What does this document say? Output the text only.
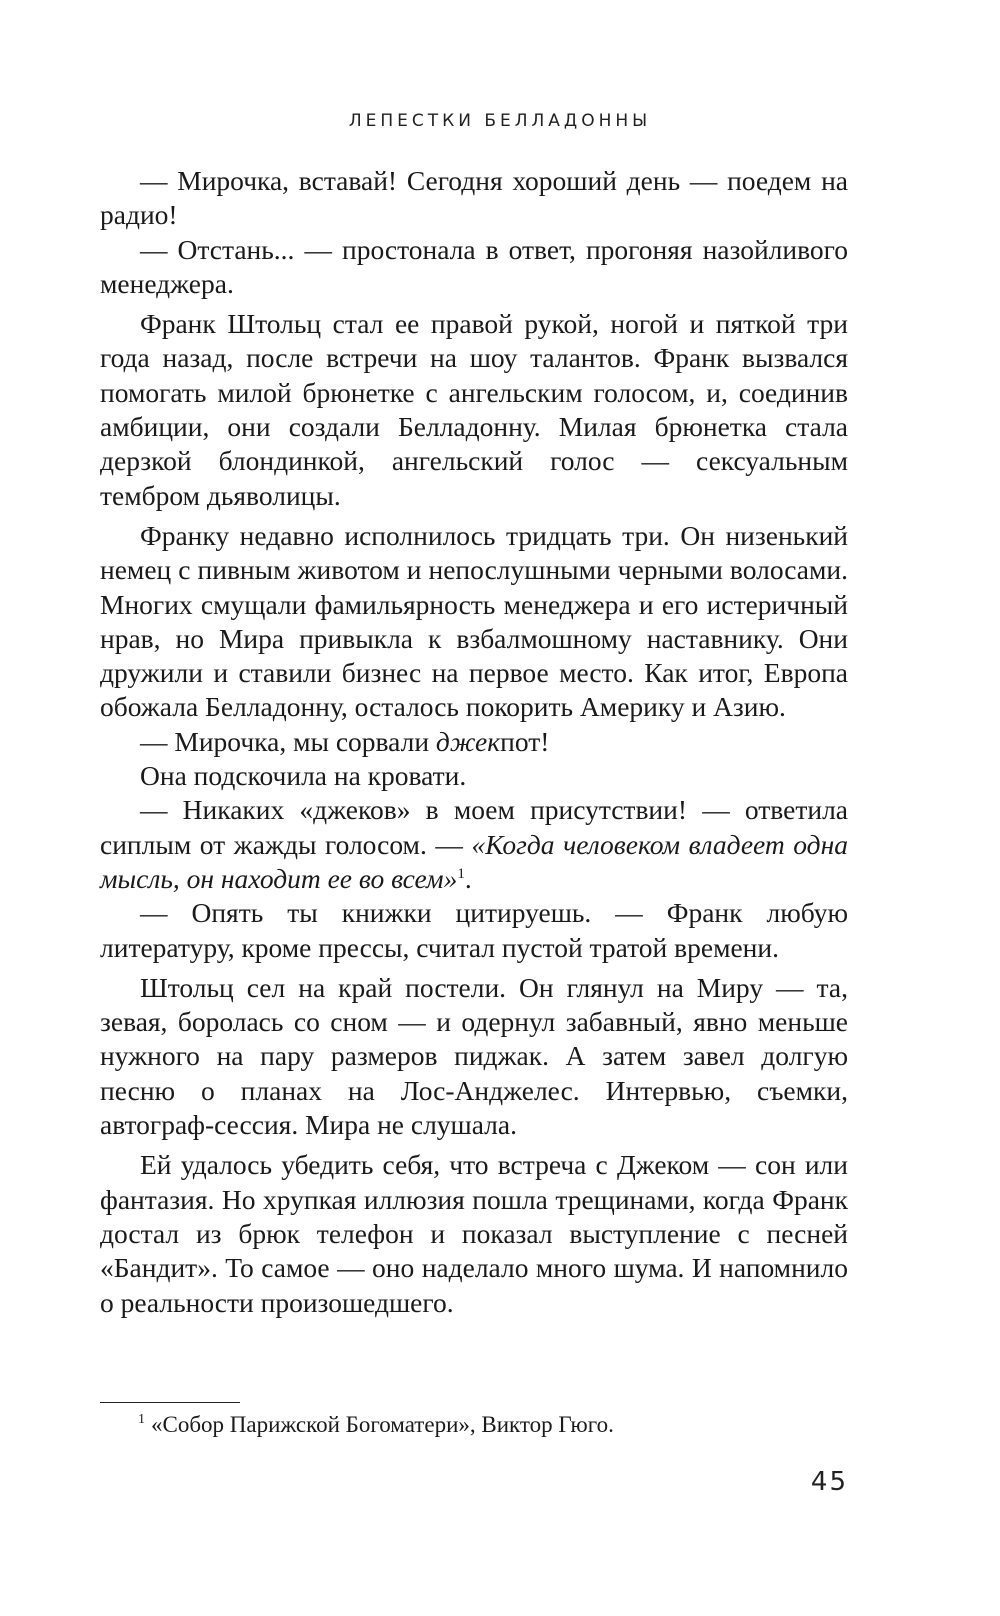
ЛЕПЕСТКИ БЕЛЛАДОННЫ

— Мирочка, вставай! Сегодня хороший день — поедем на радио!

— Отстань... — простонала в ответ, прогоняя назойливого менеджера.

Франк Штольц стал ее правой рукой, ногой и пяткой три года назад, после встречи на шоу талантов. Франк вызвался помогать милой брюнетке с ангельским голосом, и, соединив амбиции, они создали Белладонну. Милая брюнетка стала дерзкой блондинкой, ангельский голос — сексуальным тембром дьяволицы.

Франку недавно исполнилось тридцать три. Он низенький немец с пивным животом и непослушными черными волосами. Многих смущали фамильярность менеджера и его истеричный нрав, но Мира привыкла к взбалмошному наставнику. Они дружили и ставили бизнес на первое место. Как итог, Европа обожала Белладонну, осталось покорить Америку и Азию.

— Мирочка, мы сорвали джекпот!

Она подскочила на кровати.

— Никаких «джеков» в моем присутствии! — ответила сиплым от жажды голосом. — «Когда человеком владеет одна мысль, он находит ее во всем»$^1$.

— Опять ты книжки цитируешь. — Франк любую литературу, кроме прессы, считал пустой тратой времени.

Штольц сел на край постели. Он глянул на Миру — та, зевая, боролась со сном — и одернул забавный, явно меньше нужного на пару размеров пиджак. А затем завел долгую песню о планах на Лос-Анджелес. Интервью, съемки, автограф-сессия. Мира не слушала.

Ей удалось убедить себя, что встреча с Джеком — сон или фантазия. Но хрупкая иллюзия пошла трещинами, когда Франк достал из брюк телефон и показал выступление с песней «Бандит». То самое — оно наделало много шума. И напомнило о реальности произошедшего.

$^1$ «Собор Парижской Богоматери», Виктор Гюго.
45
